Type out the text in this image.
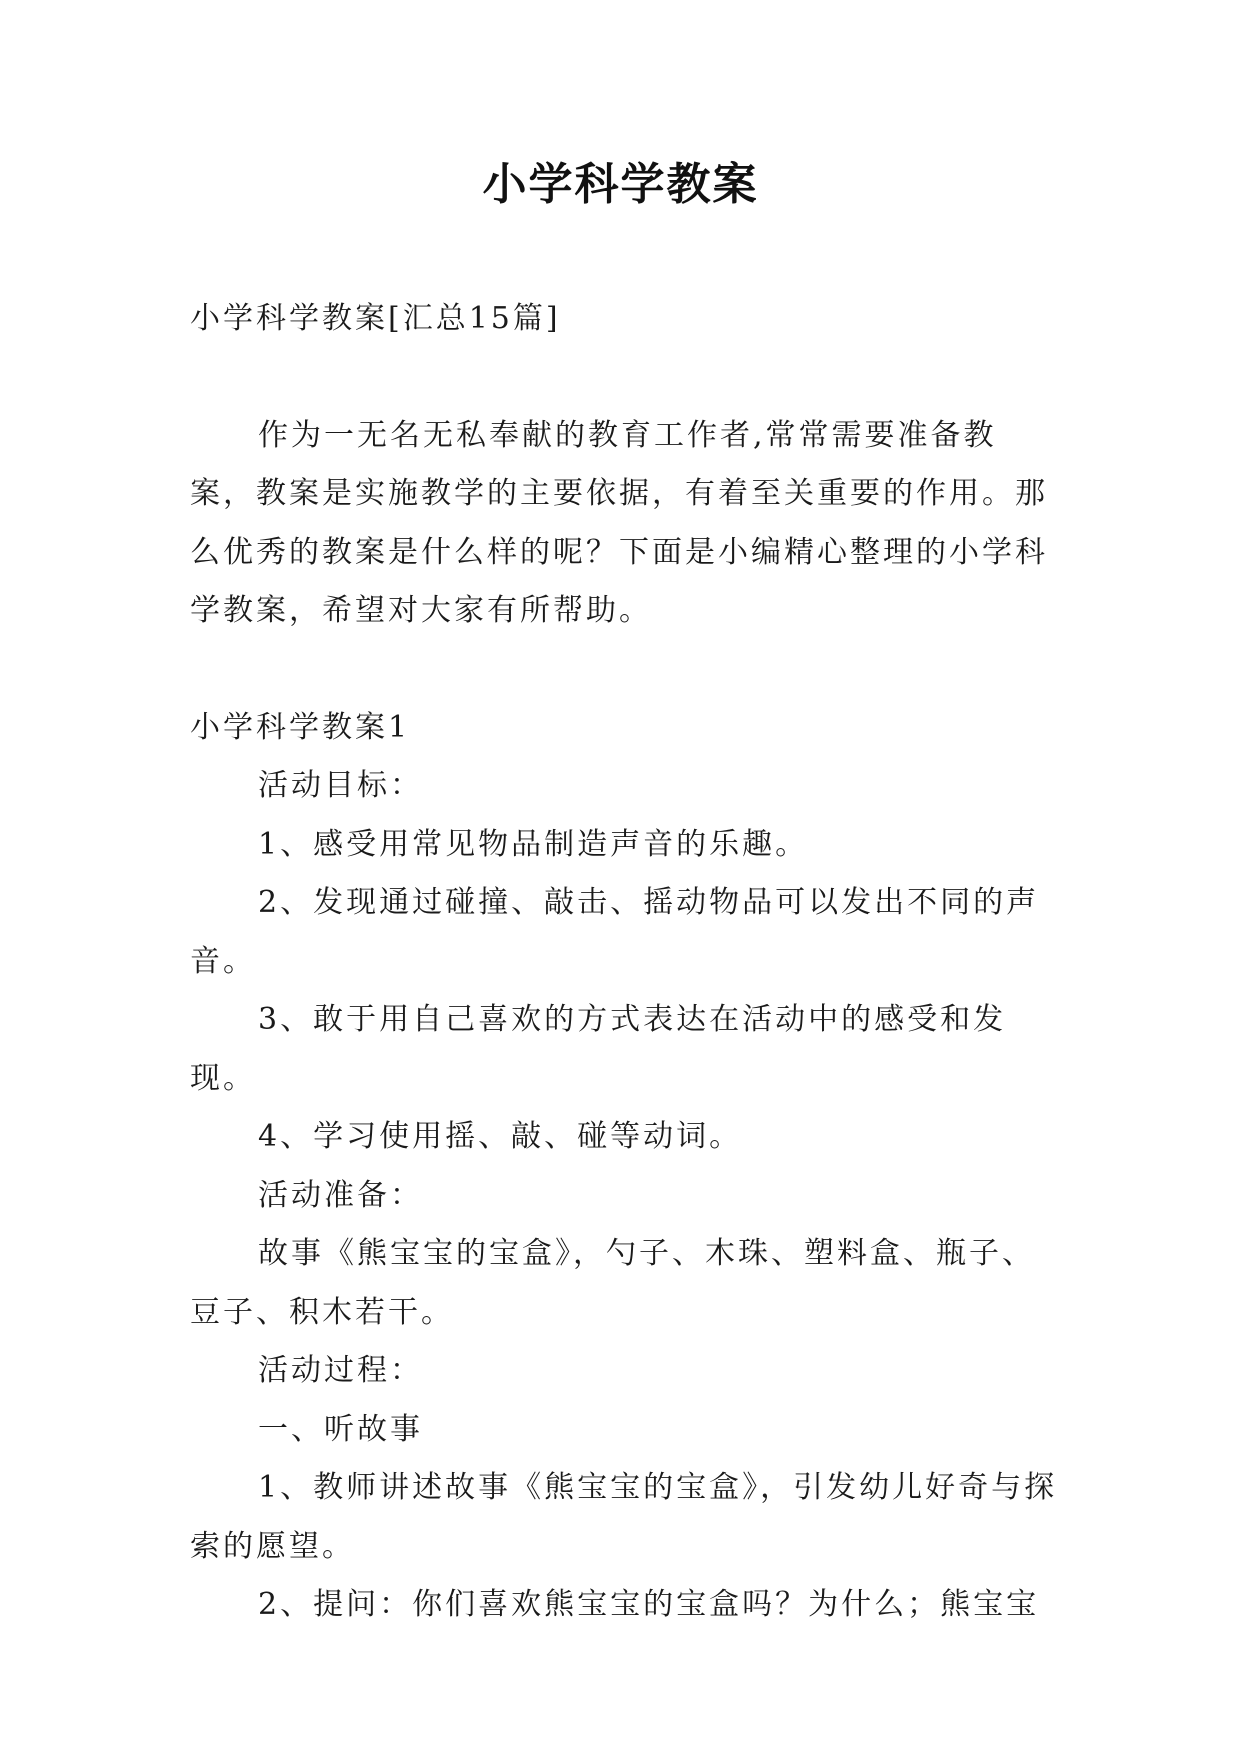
小学科学教案

小学科学教案[汇总15篇]

作为一无名无私奉献的教育工作者,常常需要准备教案，教案是实施教学的主要依据，有着至关重要的作用。那么优秀的教案是什么样的呢？下面是小编精心整理的小学科学教案，希望对大家有所帮助。

小学科学教案1

活动目标：

1、感受用常见物品制造声音的乐趣。

2、发现通过碰撞、敲击、摇动物品可以发出不同的声音。

3、敢于用自己喜欢的方式表达在活动中的感受和发现。

4、学习使用摇、敲、碰等动词。

活动准备：

故事《熊宝宝的宝盒》，勺子、木珠、塑料盒、瓶子、豆子、积木若干。

活动过程：

一、听故事

1、教师讲述故事《熊宝宝的宝盒》，引发幼儿好奇与探索的愿望。

2、提问：你们喜欢熊宝宝的宝盒吗？为什么；熊宝宝
